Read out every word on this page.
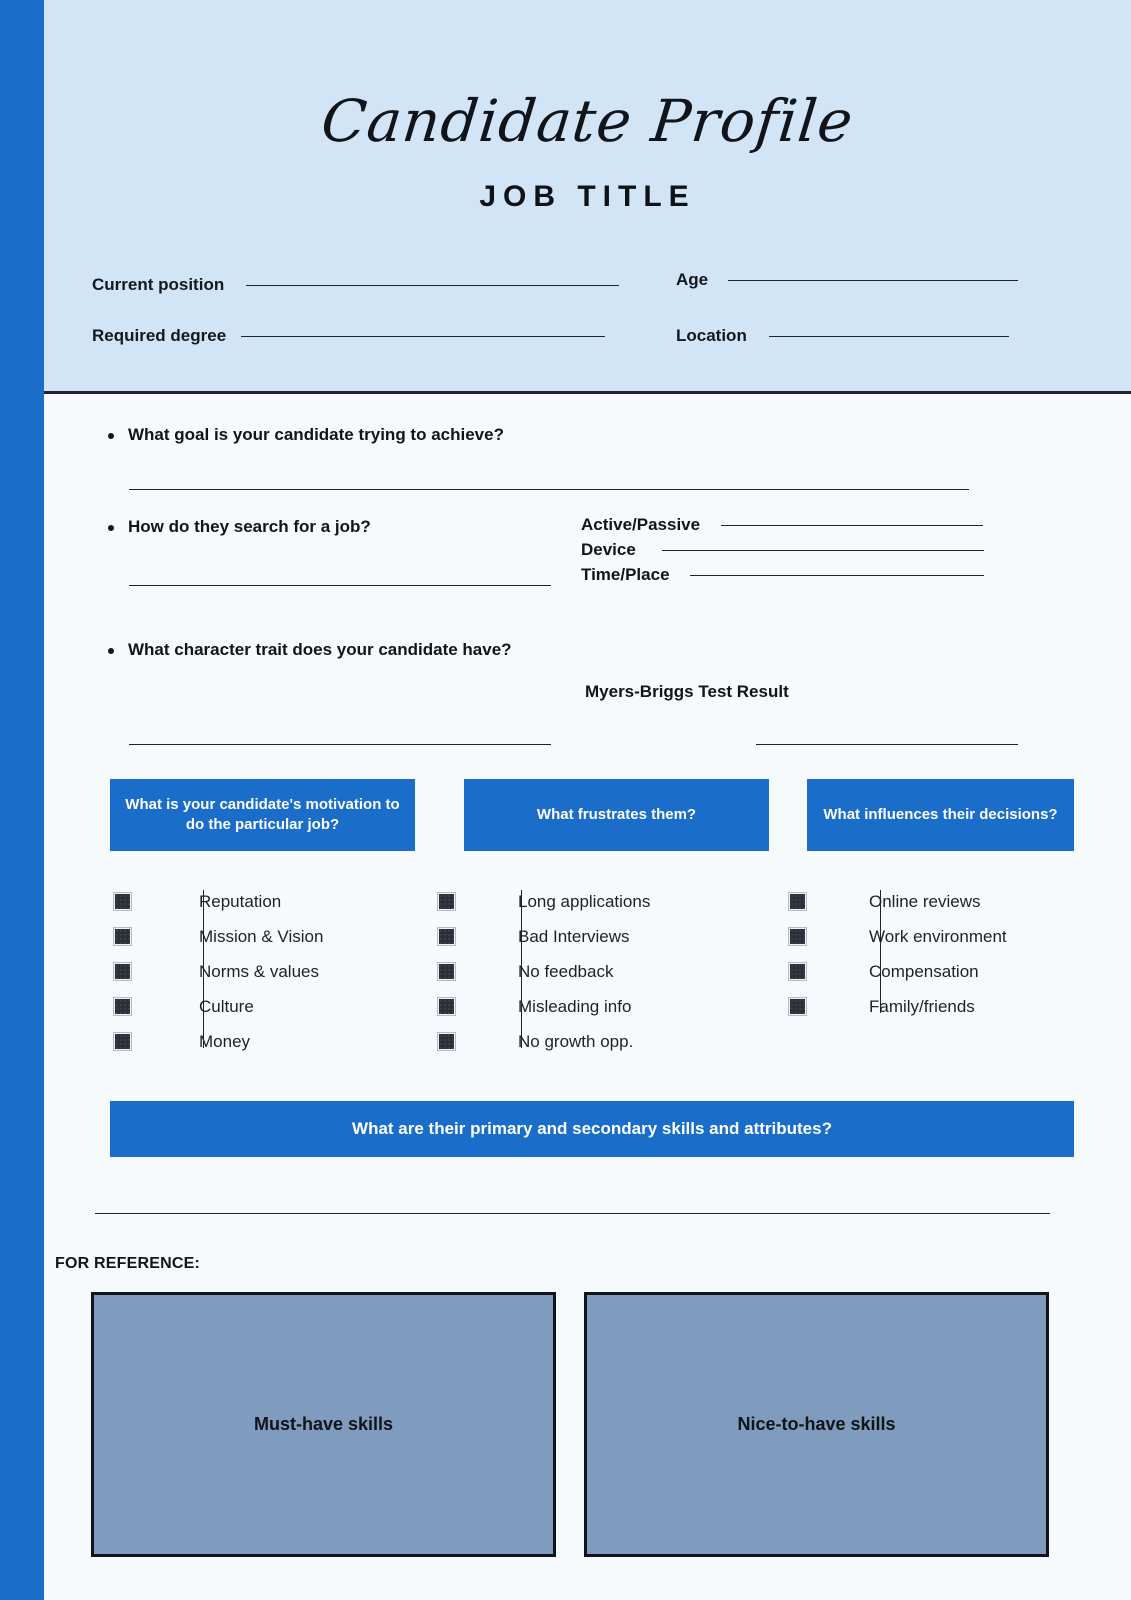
Candidate Profile
JOB TITLE
Current position
Required degree
Age
Location
What goal is your candidate trying to achieve?
How do they search for a job?	Active/Passive
Device
Time/Place
What character trait does your candidate have?
Myers-Briggs Test Result
What is your candidate's motivation to do the particular job?
What frustrates them?	What influences their decisions?
Reputation
Mission & Vision
Norms & values
Culture
Money
Long applications
Bad Interviews
No feedback
Misleading info
No growth opp.
Online reviews
Work environment
Compensation
Family/friends
What are their primary and secondary skills and attributes?
FOR REFERENCE:
Must-have skills	Nice-to-have skills
